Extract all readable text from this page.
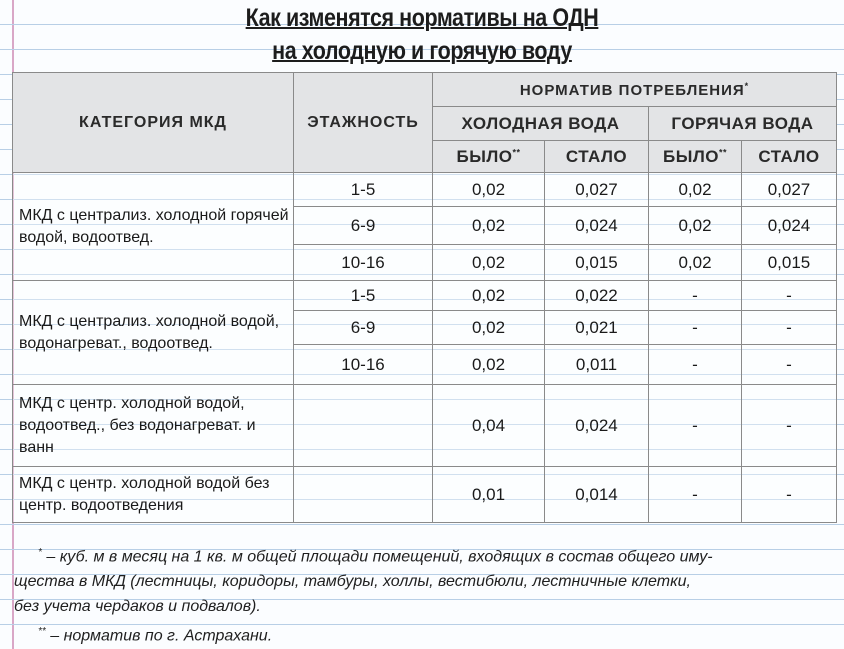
Как изменятся нормативы на ОДН
на холодную и горячую воду
КАТЕГОРИЯ МКД	ЭТАЖНОСТЬ	НОРМАТИВ ПОТРЕБЛЕНИЯ*
		ХОЛОДНАЯ ВОДА		ГОРЯЧАЯ ВОДА	
		БЫЛО**	СТАЛО	БЫЛО**	СТАЛО
МКД с централиз. холодной горячей водой, водоотвед.	1-5	0,02	0,027	0,02	0,027
	6-9	0,02	0,024	0,02	0,024
	10-16	0,02	0,015	0,02	0,015
МКД с централиз. холодной водой, водонагреват., водоотвед.	1-5	0,02	0,022	-	-
	6-9	0,02	0,021	-	-
	10-16	0,02	0,011	-	-
МКД с центр. холодной водой, водоотвед., без водонагреват. и ванн		0,04	0,024	-	-
МКД с центр. холодной водой без центр. водоотведения		0,01	0,014	-	-
* – куб. м в месяц на 1 кв. м общей площади помещений, входящих в состав общего иму-
щества в МКД (лестницы, коридоры, тамбуры, холлы, вестибюли, лестничные клетки,
без учета чердаков и подвалов).
** – норматив по г. Астрахани.
